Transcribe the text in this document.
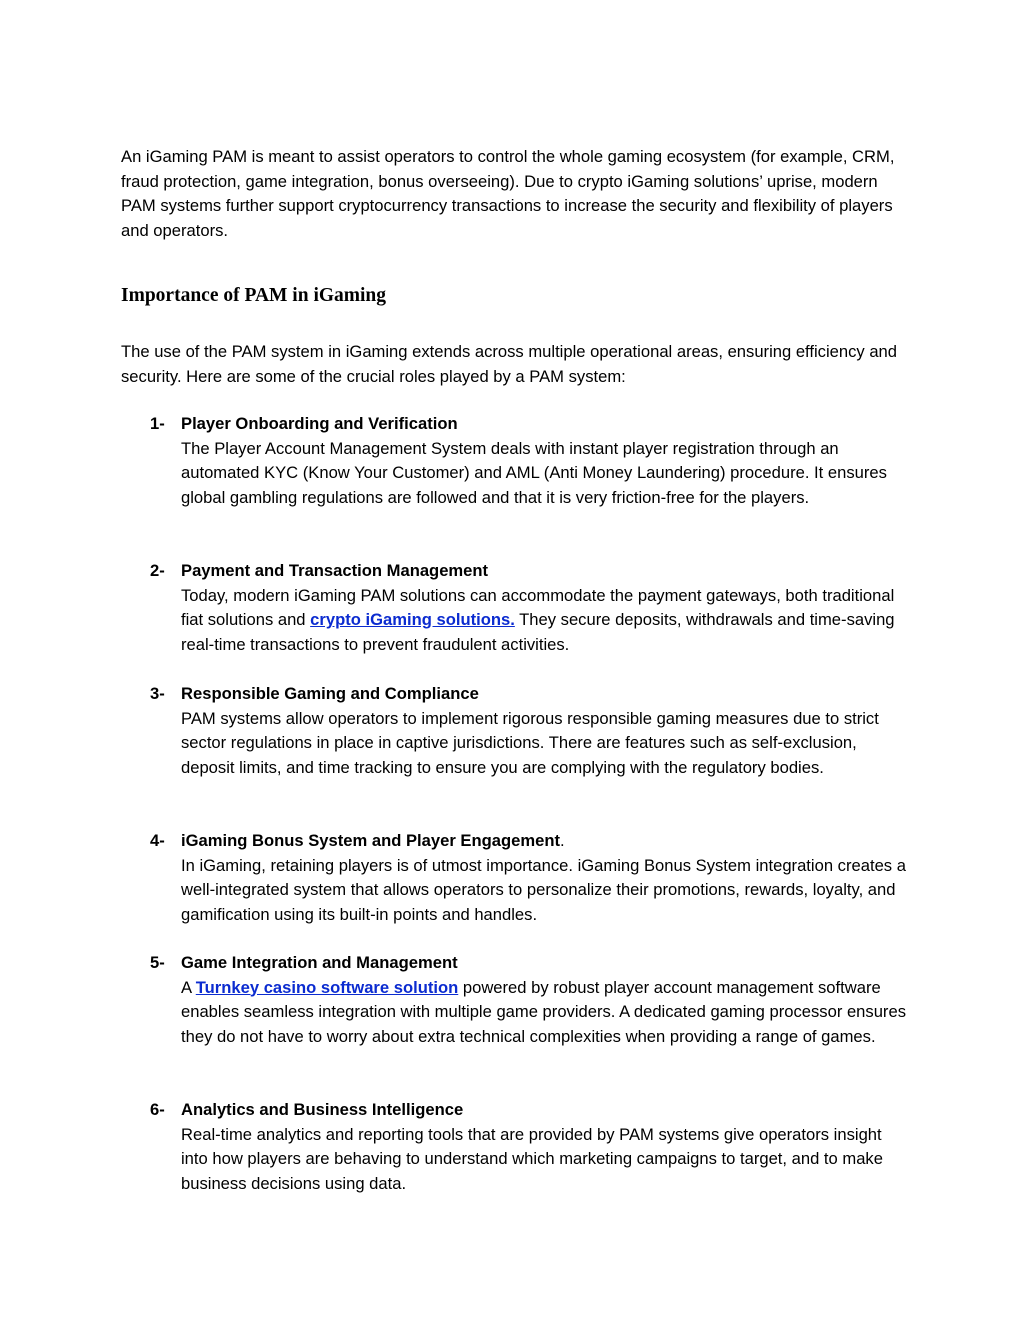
An iGaming PAM is meant to assist operators to control the whole gaming ecosystem (for example, CRM, fraud protection, game integration, bonus overseeing). Due to crypto iGaming solutions’ uprise, modern PAM systems further support cryptocurrency transactions to increase the security and flexibility of players and operators.

Importance of PAM in iGaming

The use of the PAM system in iGaming extends across multiple operational areas, ensuring efficiency and security. Here are some of the crucial roles played by a PAM system:

1- Player Onboarding and Verification
The Player Account Management System deals with instant player registration through an automated KYC (Know Your Customer) and AML (Anti Money Laundering) procedure. It ensures global gambling regulations are followed and that it is very friction-free for the players.
2- Payment and Transaction Management
Today, modern iGaming PAM solutions can accommodate the payment gateways, both traditional fiat solutions and crypto iGaming solutions. They secure deposits, withdrawals and time-saving real-time transactions to prevent fraudulent activities.
3- Responsible Gaming and Compliance
PAM systems allow operators to implement rigorous responsible gaming measures due to strict sector regulations in place in captive jurisdictions. There are features such as self-exclusion, deposit limits, and time tracking to ensure you are complying with the regulatory bodies.
4- iGaming Bonus System and Player Engagement.
In iGaming, retaining players is of utmost importance. iGaming Bonus System integration creates a well-integrated system that allows operators to personalize their promotions, rewards, loyalty, and gamification using its built-in points and handles.
5- Game Integration and Management
A Turnkey casino software solution powered by robust player account management software enables seamless integration with multiple game providers. A dedicated gaming processor ensures they do not have to worry about extra technical complexities when providing a range of games.
6- Analytics and Business Intelligence
Real-time analytics and reporting tools that are provided by PAM systems give operators insight into how players are behaving to understand which marketing campaigns to target, and to make business decisions using data.
